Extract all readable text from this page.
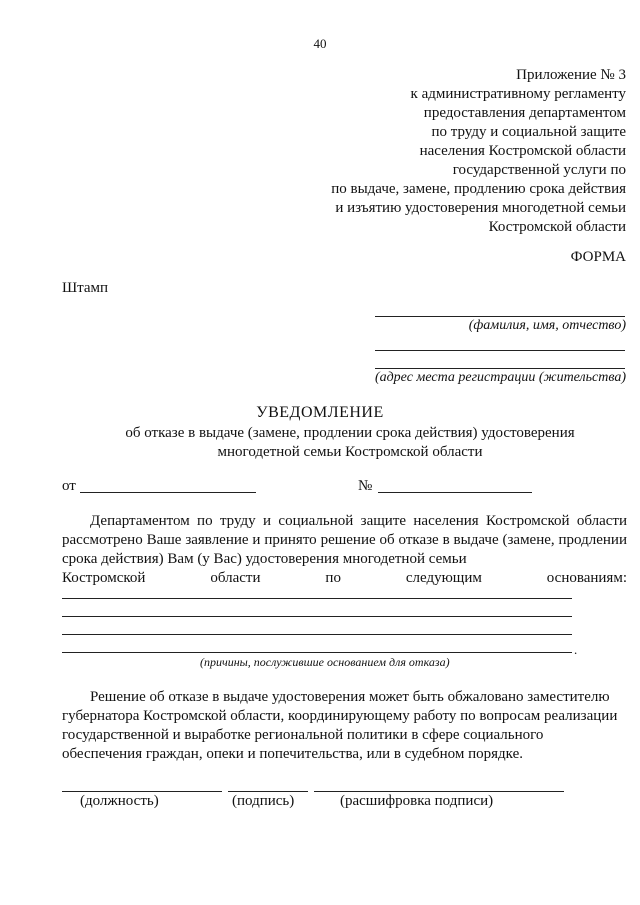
40
Приложение № 3
к административному регламенту
предоставления департаментом
по труду и социальной защите
населения Костромской области
государственной услуги по
по выдаче, замене, продлению срока действия
и изъятию удостоверения многодетной семьи
Костромской области
ФОРМА
Штамп
(фамилия, имя, отчество)
(адрес места регистрации (жительства)
УВЕДОМЛЕНИЕ
об отказе в выдаче (замене, продлении срока действия) удостоверения
многодетной семьи Костромской области
от	№
Департаментом по труду и социальной защите населения Костромской области рассмотрено Ваше заявление и принято решение об отказе в выдаче (замене, продлении срока действия) Вам (у Вас) удостоверения многодетной семьи
Костромской	области	по	следующим	основаниям:
.
(причины, послужившие основанием для отказа)
Решение об отказе в выдаче удостоверения может быть обжаловано заместителю губернатора Костромской области, координирующему работу по вопросам реализации государственной и выработке региональной политики в сфере социального обеспечения граждан, опеки и попечительства, или в судебном порядке.
(должность)	(подпись)	(расшифровка подписи)
